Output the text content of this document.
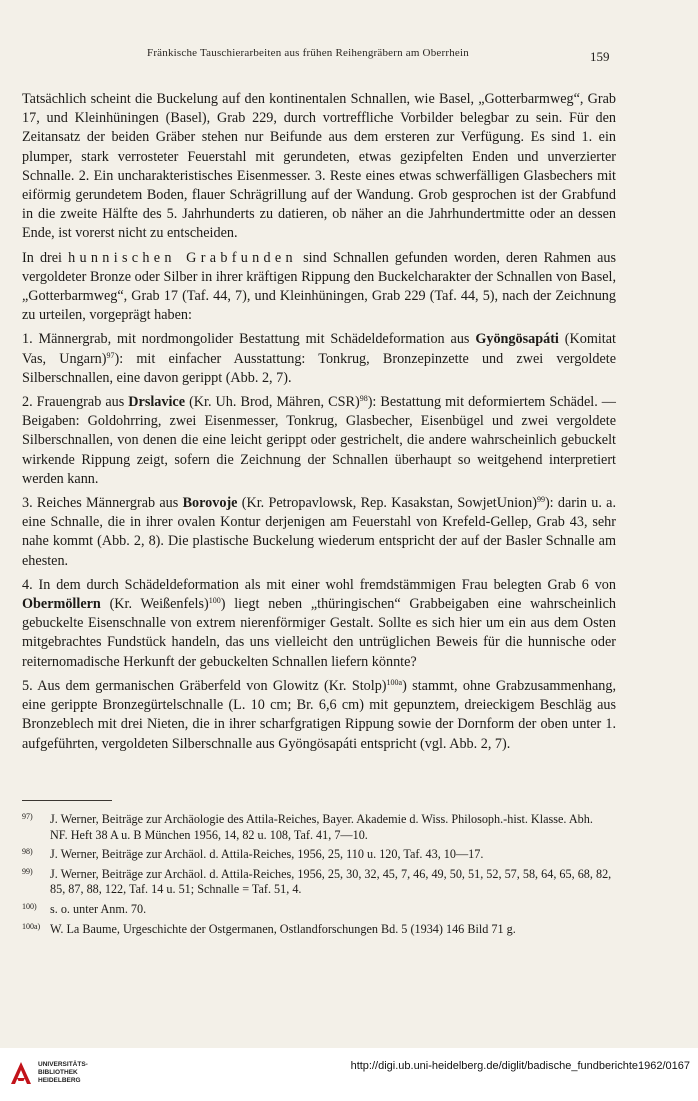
Fränkische Tauschierarbeiten aus frühen Reihengräbern am Oberrhein	159

Tatsächlich scheint die Buckelung auf den kontinentalen Schnallen, wie Basel, „Gotterbarmweg“, Grab 17, und Kleinhüningen (Basel), Grab 229, durch vortreffliche Vorbilder belegbar zu sein. Für den Zeitansatz der beiden Gräber stehen nur Beifunde aus dem ersteren zur Verfügung. Es sind 1. ein plumper, stark verrosteter Feuerstahl mit gerundeten, etwas gezipfelten Enden und unverzierter Schnalle. 2. Ein uncharakteristisches Eisenmesser. 3. Reste eines etwas schwerfälligen Glasbechers mit eiförmig gerundetem Boden, flauer Schrägrillung auf der Wandung. Grob gesprochen ist der Grabfund in die zweite Hälfte des 5. Jahrhunderts zu datieren, ob näher an die Jahrhundertmitte oder an dessen Ende, ist vorerst nicht zu entscheiden.

In drei hunnischen Grabfunden sind Schnallen gefunden worden, deren Rahmen aus vergoldeter Bronze oder Silber in ihrer kräftigen Rippung den Buckelcharakter der Schnallen von Basel, „Gotterbarmweg“, Grab 17 (Taf. 44, 7), und Kleinhüningen, Grab 229 (Taf. 44, 5), nach der Zeichnung zu urteilen, vorgeprägt haben:

1. Männergrab, mit nordmongolider Bestattung mit Schädeldeformation aus Gyöngösapáti (Komitat Vas, Ungarn)$^{97}$): mit einfacher Ausstattung: Tonkrug, Bronzepinzette und zwei vergoldete Silberschnallen, eine davon gerippt (Abb. 2, 7).

2. Frauengrab aus Drslavice (Kr. Uh. Brod, Mähren, CSR)$^{98}$): Bestattung mit deformiertem Schädel. — Beigaben: Goldohrring, zwei Eisenmesser, Tonkrug, Glasbecher, Eisenbügel und zwei vergoldete Silberschnallen, von denen die eine leicht gerippt oder gestrichelt, die andere wahrscheinlich gebuckelt wirkende Rippung zeigt, sofern die Zeichnung der Schnallen überhaupt so weitgehend interpretiert werden kann.

3. Reiches Männergrab aus Borovoje (Kr. Petropavlowsk, Rep. Kasakstan, SowjetUnion)$^{99}$): darin u. a. eine Schnalle, die in ihrer ovalen Kontur derjenigen am Feuerstahl von Krefeld-Gellep, Grab 43, sehr nahe kommt (Abb. 2, 8). Die plastische Buckelung wiederum entspricht der auf der Basler Schnalle am ehesten.

4. In dem durch Schädeldeformation als mit einer wohl fremdstämmigen Frau belegten Grab 6 von Obermöllern (Kr. Weißenfels)$^{100}$) liegt neben „thüringischen“ Grabbeigaben eine wahrscheinlich gebuckelte Eisenschnalle von extrem nierenförmiger Gestalt. Sollte es sich hier um ein aus dem Osten mitgebrachtes Fundstück handeln, das uns vielleicht den untrüglichen Beweis für die hunnische oder reiternomadische Herkunft der gebuckelten Schnallen liefern könnte?

5. Aus dem germanischen Gräberfeld von Glowitz (Kr. Stolp)$^{100a}$) stammt, ohne Grabzusammenhang, eine gerippte Bronzegürtelschnalle (L. 10 cm; Br. 6,6 cm) mit gepunztem, dreieckigem Beschläg aus Bronzeblech mit drei Nieten, die in ihrer scharfgratigen Rippung sowie der Dornform der oben unter 1. aufgeführten, vergoldeten Silberschnalle aus Gyöngösapáti entspricht (vgl. Abb. 2, 7).

97) J. Werner, Beiträge zur Archäologie des Attila-Reiches, Bayer. Akademie d. Wiss. Philosoph.-hist. Klasse. Abh. NF. Heft 38 A u. B München 1956, 14, 82 u. 108, Taf. 41, 7—10.
98) J. Werner, Beiträge zur Archäol. d. Attila-Reiches, 1956, 25, 110 u. 120, Taf. 43, 10—17.
99) J. Werner, Beiträge zur Archäol. d. Attila-Reiches, 1956, 25, 30, 32, 45, 7, 46, 49, 50, 51, 52, 57, 58, 64, 65, 68, 82, 85, 87, 88, 122, Taf. 14 u. 51; Schnalle = Taf. 51, 4.
100) s. o. unter Anm. 70.
100a) W. La Baume, Urgeschichte der Ostgermanen, Ostlandforschungen Bd. 5 (1934) 146 Bild 71 g.
UNIVERSITÄTS-
BIBLIOTHEK
HEIDELBERG
http://digi.ub.uni-heidelberg.de/diglit/badische_fundberichte1962/0167
